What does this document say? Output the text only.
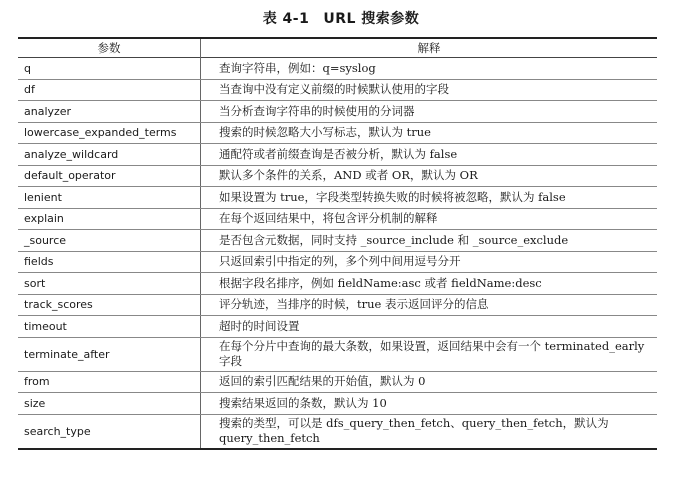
表 4-1 URL 搜索参数
参数	解释
q	查询字符串，例如：q=syslog
df	当查询中没有定义前缀的时候默认使用的字段
analyzer	当分析查询字符串的时候使用的分词器
lowercase_expanded_terms	搜索的时候忽略大小写标志，默认为 true
analyze_wildcard	通配符或者前缀查询是否被分析，默认为 false
default_operator	默认多个条件的关系，AND 或者 OR，默认为 OR
lenient	如果设置为 true，字段类型转换失败的时候将被忽略，默认为 false
explain	在每个返回结果中，将包含评分机制的解释
_source	是否包含元数据，同时支持 _source_include 和 _source_exclude
fields	只返回索引中指定的列，多个列中间用逗号分开
sort	根据字段名排序，例如 fieldName:asc 或者 fieldName:desc
track_scores	评分轨迹，当排序的时候，true 表示返回评分的信息
timeout	超时的时间设置
terminate_after	在每个分片中查询的最大条数，如果设置，返回结果中会有一个 terminated_early 字段
from	返回的索引匹配结果的开始值，默认为 0
size	搜索结果返回的条数，默认为 10
search_type	搜索的类型，可以是 dfs_query_then_fetch、query_then_fetch，默认为 query_then_fetch
